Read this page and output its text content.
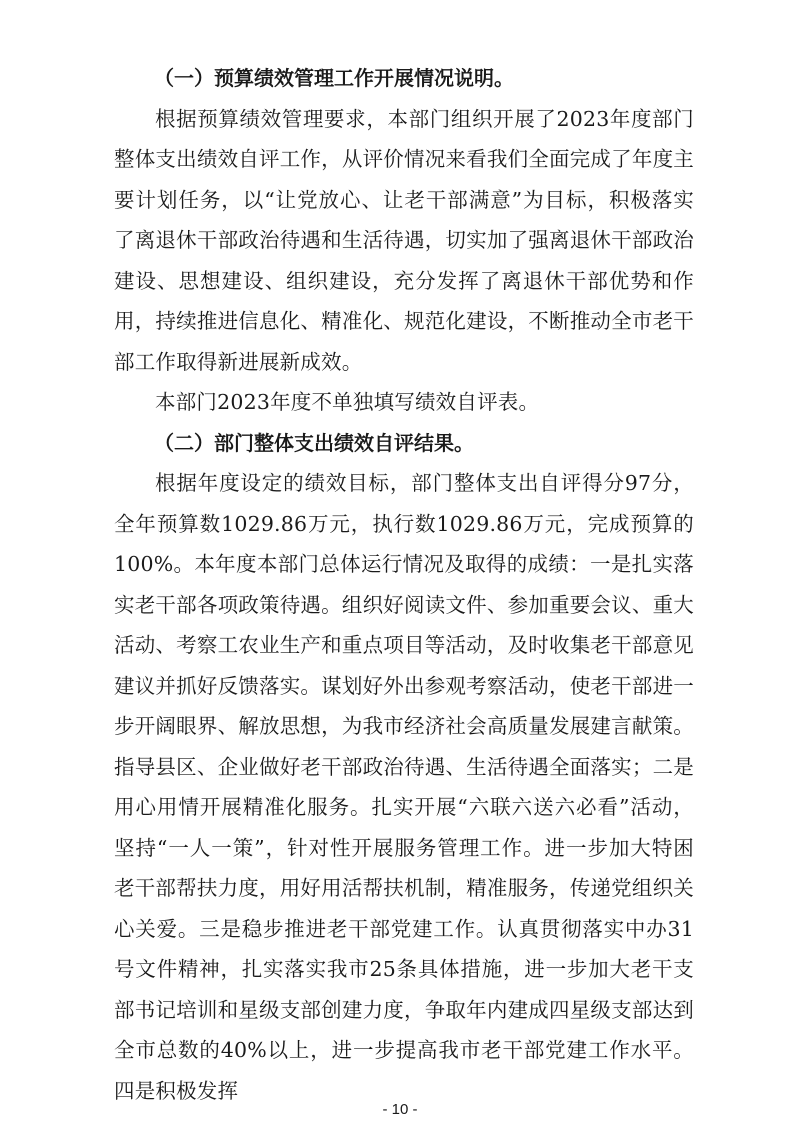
（一）预算绩效管理工作开展情况说明。

根据预算绩效管理要求，本部门组织开展了2023年度部门整体支出绩效自评工作，从评价情况来看我们全面完成了年度主要计划任务，以“让党放心、让老干部满意”为目标，积极落实了离退休干部政治待遇和生活待遇，切实加了强离退休干部政治建设、思想建设、组织建设，充分发挥了离退休干部优势和作用，持续推进信息化、精准化、规范化建设，不断推动全市老干部工作取得新进展新成效。

本部门2023年度不单独填写绩效自评表。

（二）部门整体支出绩效自评结果。

根据年度设定的绩效目标，部门整体支出自评得分97分，全年预算数1029.86万元，执行数1029.86万元，完成预算的100%。本年度本部门总体运行情况及取得的成绩：一是扎实落实老干部各项政策待遇。组织好阅读文件、参加重要会议、重大活动、考察工农业生产和重点项目等活动，及时收集老干部意见建议并抓好反馈落实。谋划好外出参观考察活动，使老干部进一步开阔眼界、解放思想，为我市经济社会高质量发展建言献策。指导县区、企业做好老干部政治待遇、生活待遇全面落实；二是用心用情开展精准化服务。扎实开展“六联六送六必看”活动，坚持“一人一策”，针对性开展服务管理工作。进一步加大特困老干部帮扶力度，用好用活帮扶机制，精准服务，传递党组织关心关爱。三是稳步推进老干部党建工作。认真贯彻落实中办31号文件精神，扎实落实我市25条具体措施，进一步加大老干支部书记培训和星级支部创建力度，争取年内建成四星级支部达到全市总数的40%以上，进一步提高我市老干部党建工作水平。四是积极发挥

- 10 -
